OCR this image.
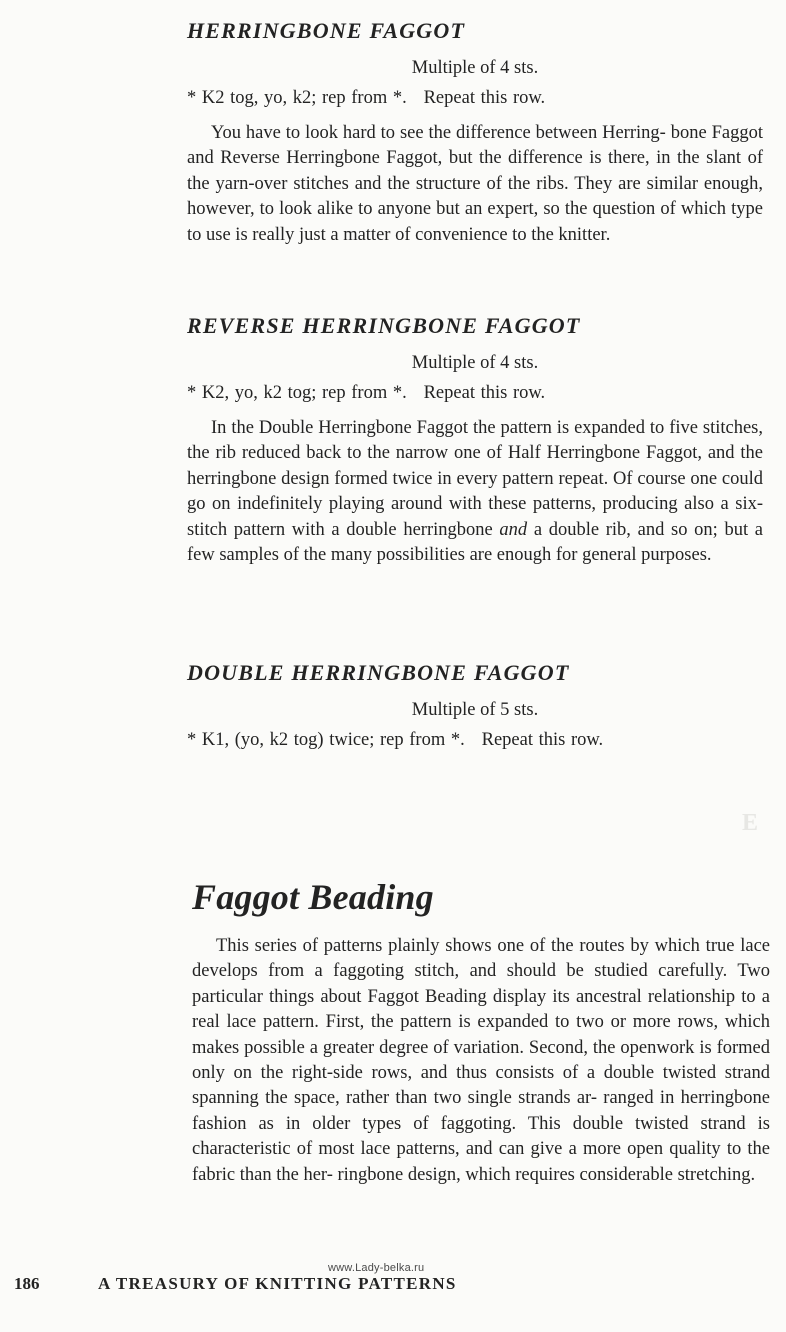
E
HERRINGBONE FAGGOT

Multiple of 4 sts.

* K2 tog, yo, k2; rep from *.   Repeat this row.

You have to look hard to see the difference between Herring- bone Faggot and Reverse Herringbone Faggot, but the difference is there, in the slant of the yarn-over stitches and the structure of the ribs. They are similar enough, however, to look alike to anyone but an expert, so the question of which type to use is really just a matter of convenience to the knitter.

REVERSE HERRINGBONE FAGGOT

Multiple of 4 sts.

* K2, yo, k2 tog; rep from *.   Repeat this row.

In the Double Herringbone Faggot the pattern is expanded to five stitches, the rib reduced back to the narrow one of Half Herringbone Faggot, and the herringbone design formed twice in every pattern repeat. Of course one could go on indefinitely playing around with these patterns, producing also a six-stitch pattern with a double herringbone and a double rib, and so on; but a few samples of the many possibilities are enough for general purposes.

DOUBLE HERRINGBONE FAGGOT

Multiple of 5 sts.

* K1, (yo, k2 tog) twice; rep from *.   Repeat this row.

Faggot Beading

This series of patterns plainly shows one of the routes by which true lace develops from a faggoting stitch, and should be studied carefully. Two particular things about Faggot Beading display its ancestral relationship to a real lace pattern. First, the pattern is expanded to two or more rows, which makes possible a greater degree of variation. Second, the openwork is formed only on the right-side rows, and thus consists of a double twisted strand spanning the space, rather than two single strands ar- ranged in herringbone fashion as in older types of faggoting. This double twisted strand is characteristic of most lace patterns, and can give a more open quality to the fabric than the her- ringbone design, which requires considerable stretching.

www.Lady-belka.ru
186	A TREASURY OF KNITTING PATTERNS
